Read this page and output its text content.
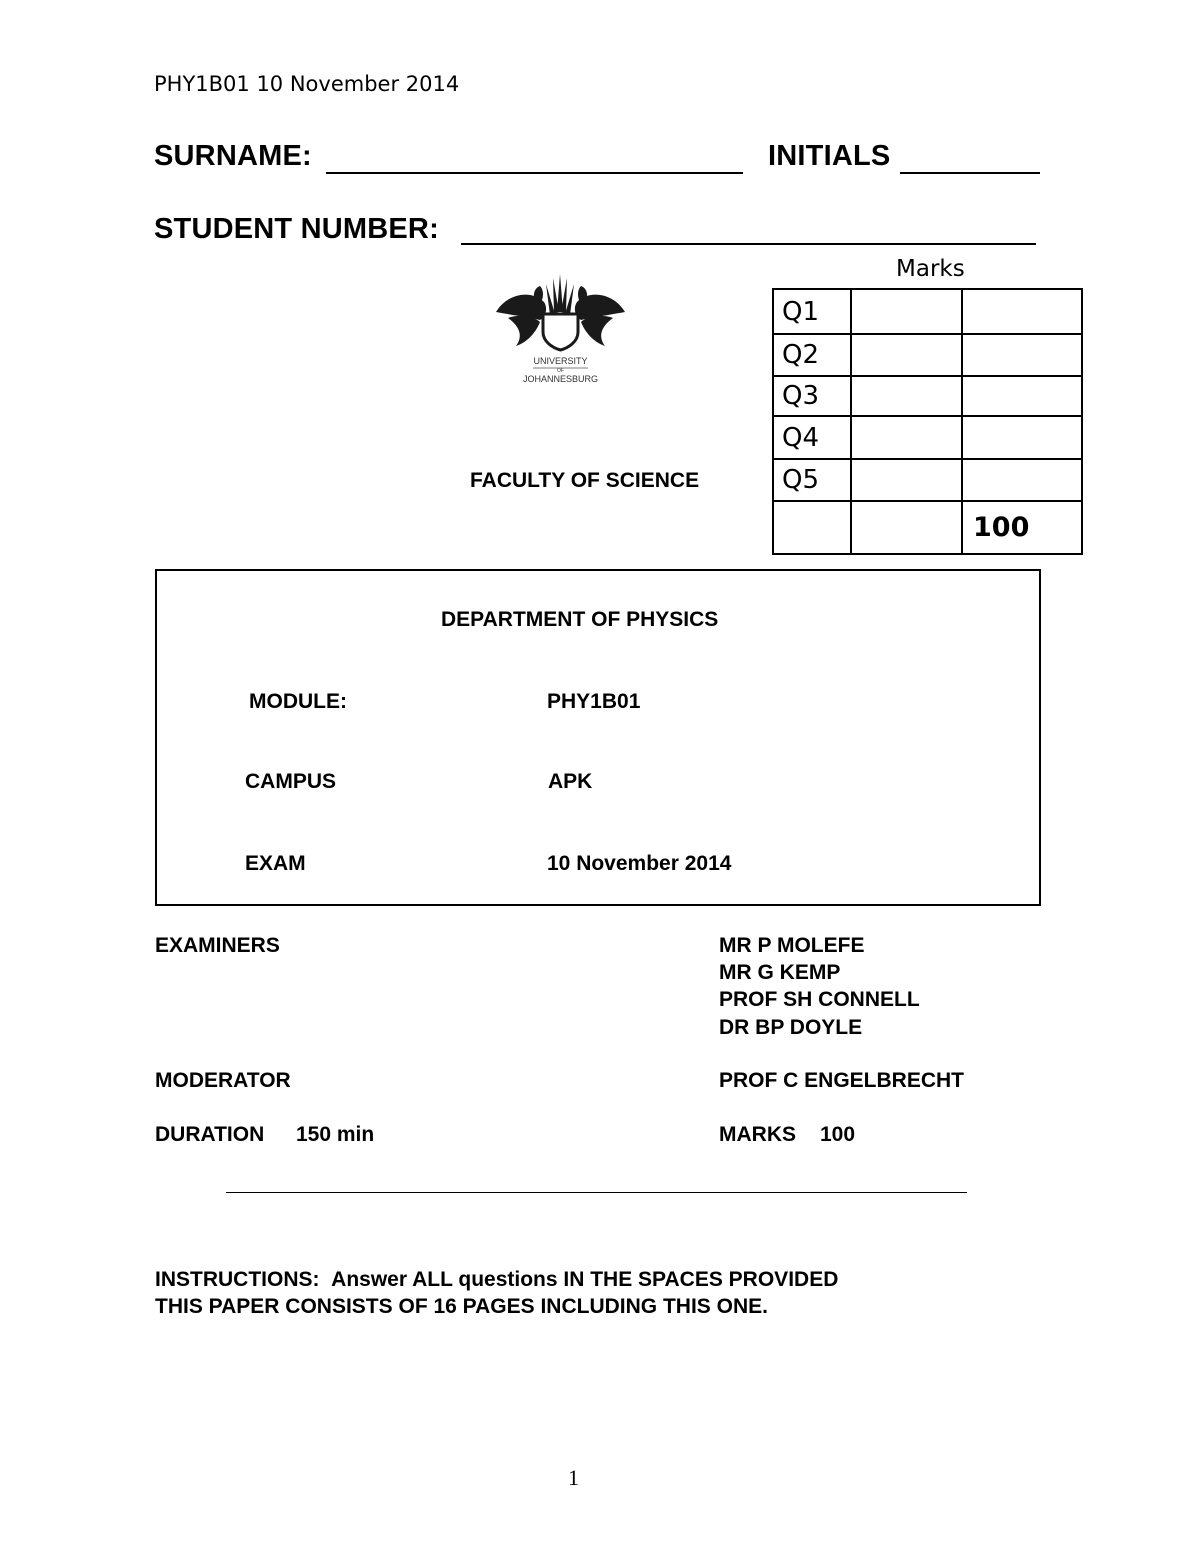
PHY1B01 10 November 2014
SURNAME:	INITIALS
STUDENT NUMBER:
UNIVERSITY
OF
JOHANNESBURG
FACULTY OF SCIENCE
Marks
Q1		
Q2		
Q3		
Q4		
Q5		
		100
DEPARTMENT OF PHYSICS
MODULE:	PHY1B01
CAMPUS	APK
EXAM	10 November 2014
EXAMINERS	MR P MOLEFE
MR G KEMP
PROF SH CONNELL
DR BP DOYLE
MODERATOR	PROF C ENGELBRECHT
DURATION 150 min	MARKS 100
INSTRUCTIONS: Answer ALL questions IN THE SPACES PROVIDED
THIS PAPER CONSISTS OF 16 PAGES INCLUDING THIS ONE.
1
